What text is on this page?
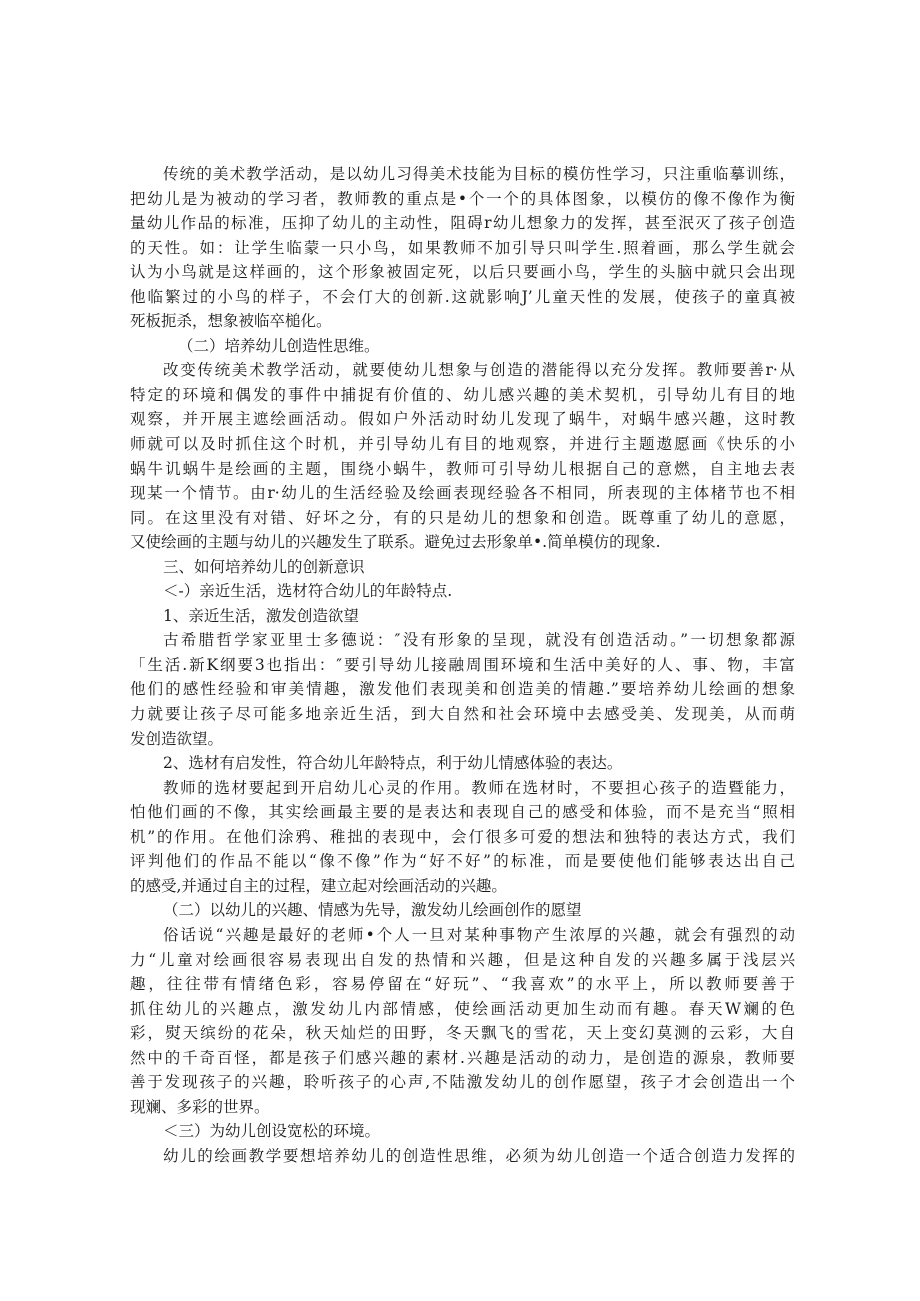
传统的美术教学活动，是以幼儿习得美术技能为目标的模仿性学习，只注重临摹训练，
把幼儿是为被动的学习者，教师教的重点是•个一个的具体图象，以模仿的像不像作为衡
量幼儿作品的标准，压抑了幼儿的主动性，阻碍r幼儿想象力的发挥，甚至泯灭了孩子创造
的天性。如：让学生临蒙一只小鸟，如果教师不加引导只叫学生.照着画，那么学生就会
认为小鸟就是这样画的，这个形象被固定死，以后只要画小鸟，学生的头脑中就只会出现
他临繁过的小鸟的样子，不会仃大的创新.这就影响J’儿童天性的发展，使孩子的童真被
死板扼杀，想象被临卒槌化。
（二）培养幼儿创造性思维。
改变传统美术教学活动，就要使幼儿想象与创造的潜能得以充分发挥。教师要善r·从
特定的环境和偶发的事件中捕捉有价值的、幼儿感兴趣的美术契机，引导幼儿有目的地
观察，并开展主遮绘画活动。假如户外活动时幼儿发现了蜗牛，对蜗牛感兴趣，这时教
师就可以及时抓住这个时机，并引导幼儿有目的地观察，并进行主题遨愿画《快乐的小
蜗牛讥蜗牛是绘画的主题，围绕小蜗牛，教师可引导幼儿根据自己的意燃，自主地去表
现某一个情节。由r·幼儿的生活经验及绘画表现经验各不相同，所表现的主体楮节也不相
同。在这里没有对错、好坏之分，有的只是幼儿的想象和创造。既尊重了幼儿的意愿，
又使绘画的主题与幼儿的兴趣发生了联系。避免过去形象单•.简单模仿的现象.
三、如何培养幼儿的创新意识
＜-）亲近生活，选材符合幼儿的年龄特点.
1、亲近生活，激发创造欲望
古希腊哲学家亚里士多德说：″没有形象的呈现，就没有创造活动。”一切想象都源
「生活.新K纲要3也指出：″要引导幼儿接融周围环境和生活中美好的人、事、物，丰富
他们的感性经验和审美情趣，激发他们表现美和创造美的情趣.”要培养幼儿绘画的想象
力就要让孩子尽可能多地亲近生活，到大自然和社会环境中去感受美、发现美，从而萌
发创造欲望。
2、选材有启发性，符合幼儿年龄特点，利于幼儿情感体验的表达。
教师的选材要起到开启幼儿心灵的作用。教师在选材时，不要担心孩子的造暨能力，
怕他们画的不像，其实绘画最主要的是表达和表现自己的感受和体验，而不是充当“照相
机”的作用。在他们涂鸦、稚拙的表现中，会仃很多可爱的想法和独特的表达方式，我们
评判他们的作品不能以“像不像”作为“好不好”的标准，而是要使他们能够表达出自己
的感受,并通过自主的过程，建立起对绘画活动的兴趣。
（二）以幼儿的兴趣、情感为先导，激发幼儿绘画创作的愿望
俗话说“兴趣是最好的老师•个人一旦对某种事物产生浓厚的兴趣，就会有强烈的动
力“儿童对绘画很容易表现出自发的热情和兴趣，但是这种自发的兴趣多属于浅层兴
趣，往往带有情绪色彩，容易停留在“好玩”、“我喜欢”的水平上，所以教师要善于
抓住幼儿的兴趣点，激发幼儿内部情感，使绘画活动更加生动而有趣。春天W斓的色
彩，熨天缤纷的花朵，秋天灿烂的田野，冬天飘飞的雪花，天上变幻莫测的云彩，大自
然中的千奇百怪，都是孩子们感兴趣的素材.兴趣是活动的动力，是创造的源泉，教师要
善于发现孩子的兴趣，聆听孩子的心声,不陆激发幼儿的创作愿望，孩子才会创造出一个
现斓、多彩的世界。
＜三）为幼儿创设宽松的环境。
幼儿的绘画教学要想培养幼儿的创造性思维，必须为幼儿创造一个适合创造力发挥的
